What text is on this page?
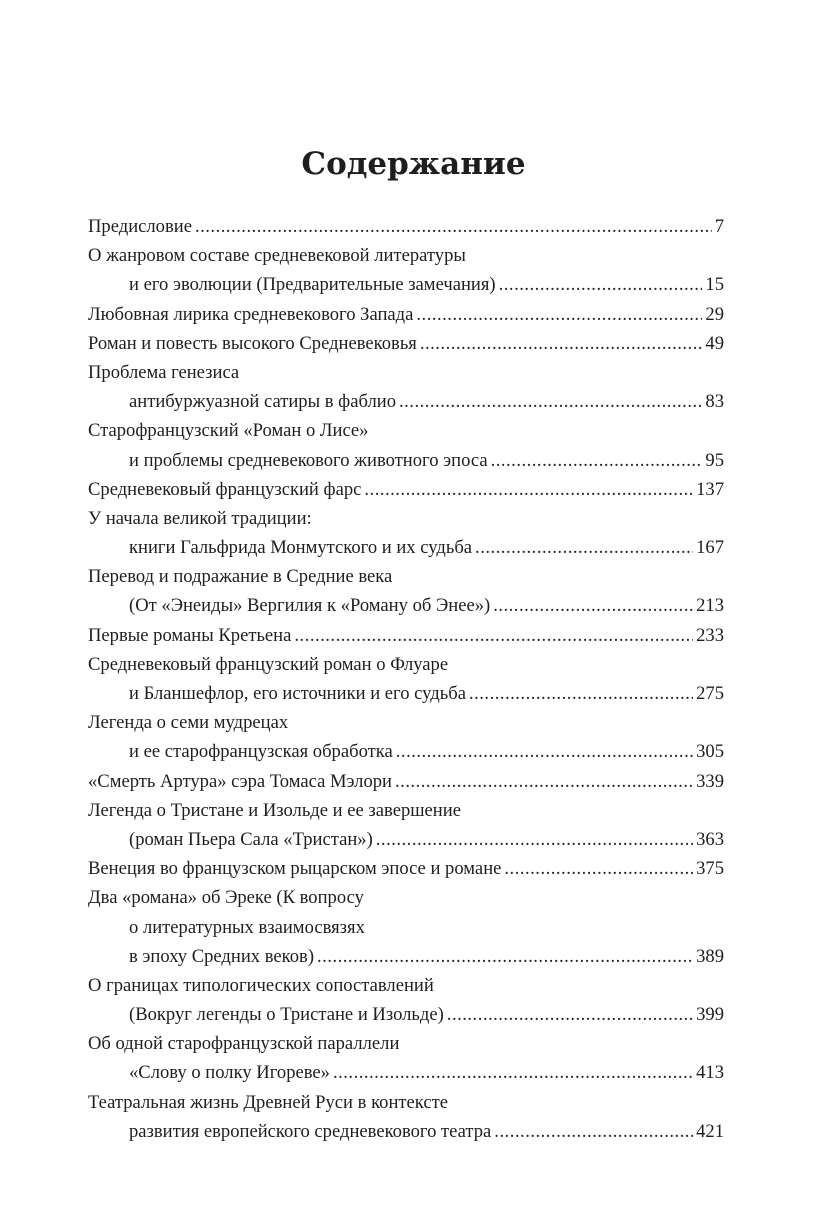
Содержание
Предисловие .....	7
О жанровом составе средневековой литературы
и его эволюции (Предварительные замечания) .....	15
Любовная лирика средневекового Запада .....	29
Роман и повесть высокого Средневековья .....	49
Проблема генезиса
антибуржуазной сатиры в фаблио .....	83
Старофранцузский «Роман о Лисе»
и проблемы средневекового животного эпоса .....	95
Средневековый французский фарс .....	137
У начала великой традиции:
книги Гальфрида Монмутского и их судьба .....	167
Перевод и подражание в Средние века
(От «Энеиды» Вергилия к «Роману об Энее») .....	213
Первые романы Кретьена .....	233
Средневековый французский роман о Флуаре
и Бланшефлор, его источники и его судьба .....	275
Легенда о семи мудрецах
и ее старофранцузская обработка .....	305
«Смерть Артура» сэра Томаса Мэлори .....	339
Легенда о Тристане и Изольде и ее завершение
(роман Пьера Сала «Тристан») .....	363
Венеция во французском рыцарском эпосе и романе .....	375
Два «романа» об Эреке (К вопросу
о литературных взаимосвязях
в эпоху Средних веков) .....	389
О границах типологических сопоставлений
(Вокруг легенды о Тристане и Изольде) .....	399
Об одной старофранцузской параллели
«Слову о полку Игореве» .....	413
Театральная жизнь Древней Руси в контексте
развития европейского средневекового театра .....	421
